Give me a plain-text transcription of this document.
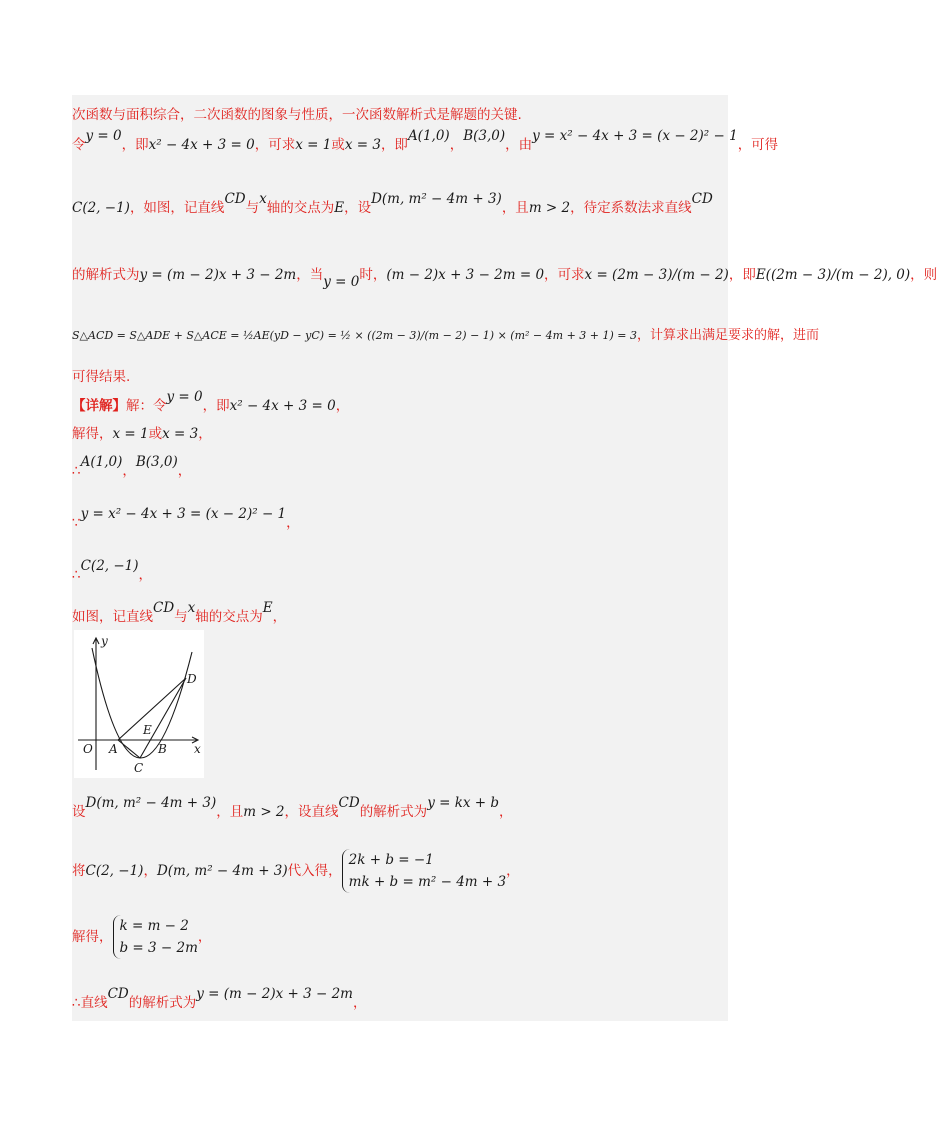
次函数与面积综合，二次函数的图象与性质，一次函数解析式是解题的关键.
令y = 0，即x² − 4x + 3 = 0，可求x = 1或x = 3，即A(1,0)，B(3,0)，由y = x² − 4x + 3 = (x − 2)² − 1，可得
C(2, −1)，如图，记直线CD与x轴的交点为E，设D(m, m² − 4m + 3)，且m > 2，待定系数法求直线CD
的解析式为y = (m − 2)x + 3 − 2m，当y = 0时，(m − 2)x + 3 − 2m = 0，可求x = (2m − 3)/(m − 2)，即E((2m − 3)/(m − 2), 0)，则
S△ACD = S△ADE + S△ACE = ½AE(yD − yC) = ½ × ((2m − 3)/(m − 2) − 1) × (m² − 4m + 3 + 1) = 3，计算求出满足要求的解，进而
可得结果.
【详解】解：令y = 0，即x² − 4x + 3 = 0，
解得，x = 1或x = 3，
∴A(1,0)，B(3,0)，
∵y = x² − 4x + 3 = (x − 2)² − 1，
∴C(2, −1)，
如图，记直线CD与x轴的交点为E，
y
x
O A	B
C
D
E
设D(m, m² − 4m + 3)，且m > 2，设直线CD的解析式为y = kx + b，
将C(2, −1)，D(m, m² − 4m + 3)代入得，
2k + b = −1
mk + b = m² − 4m + 3
，
解得，
k = m − 2
b = 3 − 2m
，
∴直线CD的解析式为y = (m − 2)x + 3 − 2m，
